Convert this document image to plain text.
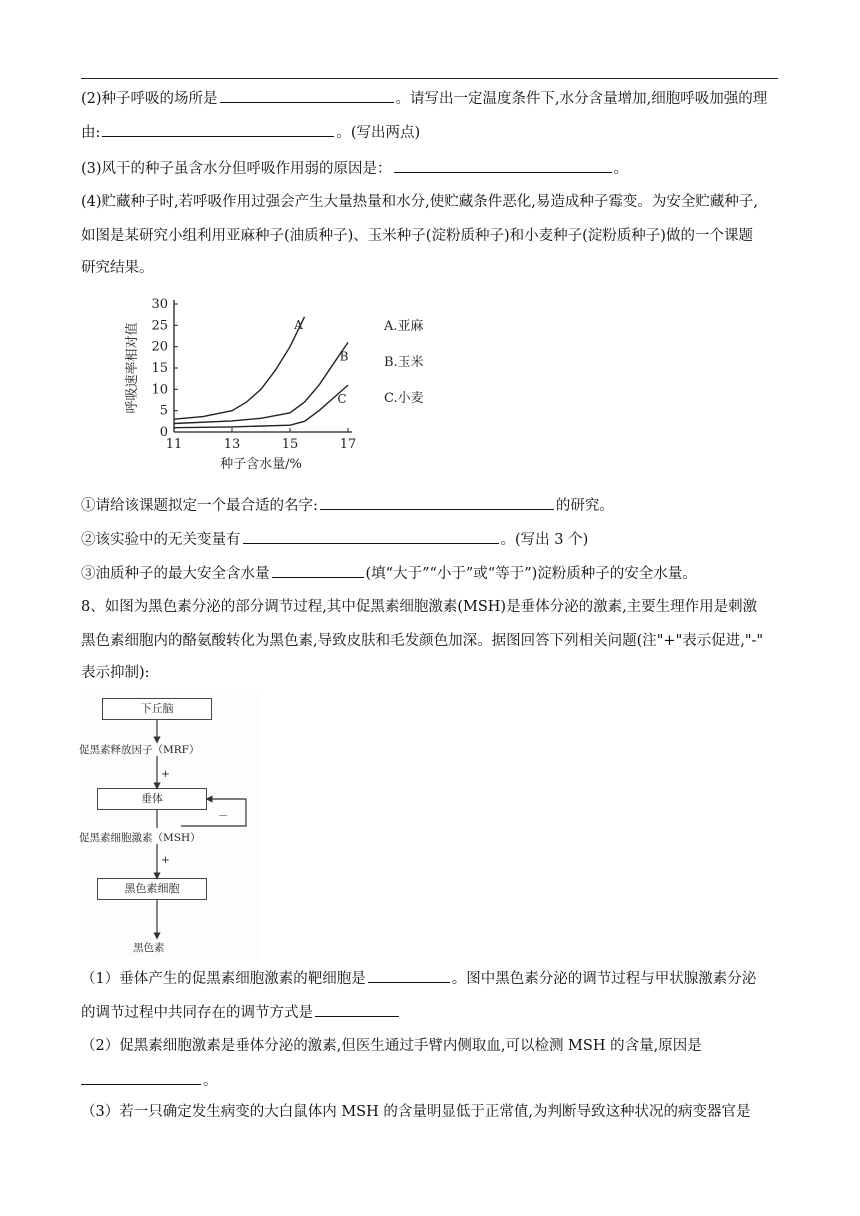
(2)种子呼吸的场所是	。请写出一定温度条件下,水分含量增加,细胞呼吸加强的理
由:	。(写出两点)
(3)风干的种子虽含水分但呼吸作用弱的原因是：	。
(4)贮藏种子时,若呼吸作用过强会产生大量热量和水分,使贮藏条件恶化,易造成种子霉变。为安全贮藏种子,
如图是某研究小组利用亚麻种子(油质种子)、玉米种子(淀粉质种子)和小麦种子(淀粉质种子)做的一个课题
研究结果。
0
5
10
15
20
25
30
11	13	15	17
种子含水量/%
呼吸速率相对值	A
B
C
A.亚麻
B.玉米
C.小麦
①请给该课题拟定一个最合适的名字:	的研究。
②该实验中的无关变量有	。(写出 3 个)
③油质种子的最大安全含水量	(填“大于”“小于”或“等于”)淀粉质种子的安全水量。
8、如图为黑色素分泌的部分调节过程,其中促黑素细胞激素(MSH)是垂体分泌的激素,主要生理作用是刺激
黑色素细胞内的酪氨酸转化为黑色素,导致皮肤和毛发颜色加深。据图回答下列相关问题(注"+"表示促进,"-"
表示抑制):
下丘脑
促黑素释放因子（MRF）
+
垂体
－
促黑素细胞激素（MSH）
+
黑色素细胞
黑色素
（1）垂体产生的促黑素细胞激素的靶细胞是	。图中黑色素分泌的调节过程与甲状腺激素分泌
的调节过程中共同存在的调节方式是
（2）促黑素细胞激素是垂体分泌的激素,但医生通过手臂内侧取血,可以检测 MSH 的含量,原因是
。
（3）若一只确定发生病变的大白鼠体内 MSH 的含量明显低于正常值,为判断导致这种状况的病变器官是
